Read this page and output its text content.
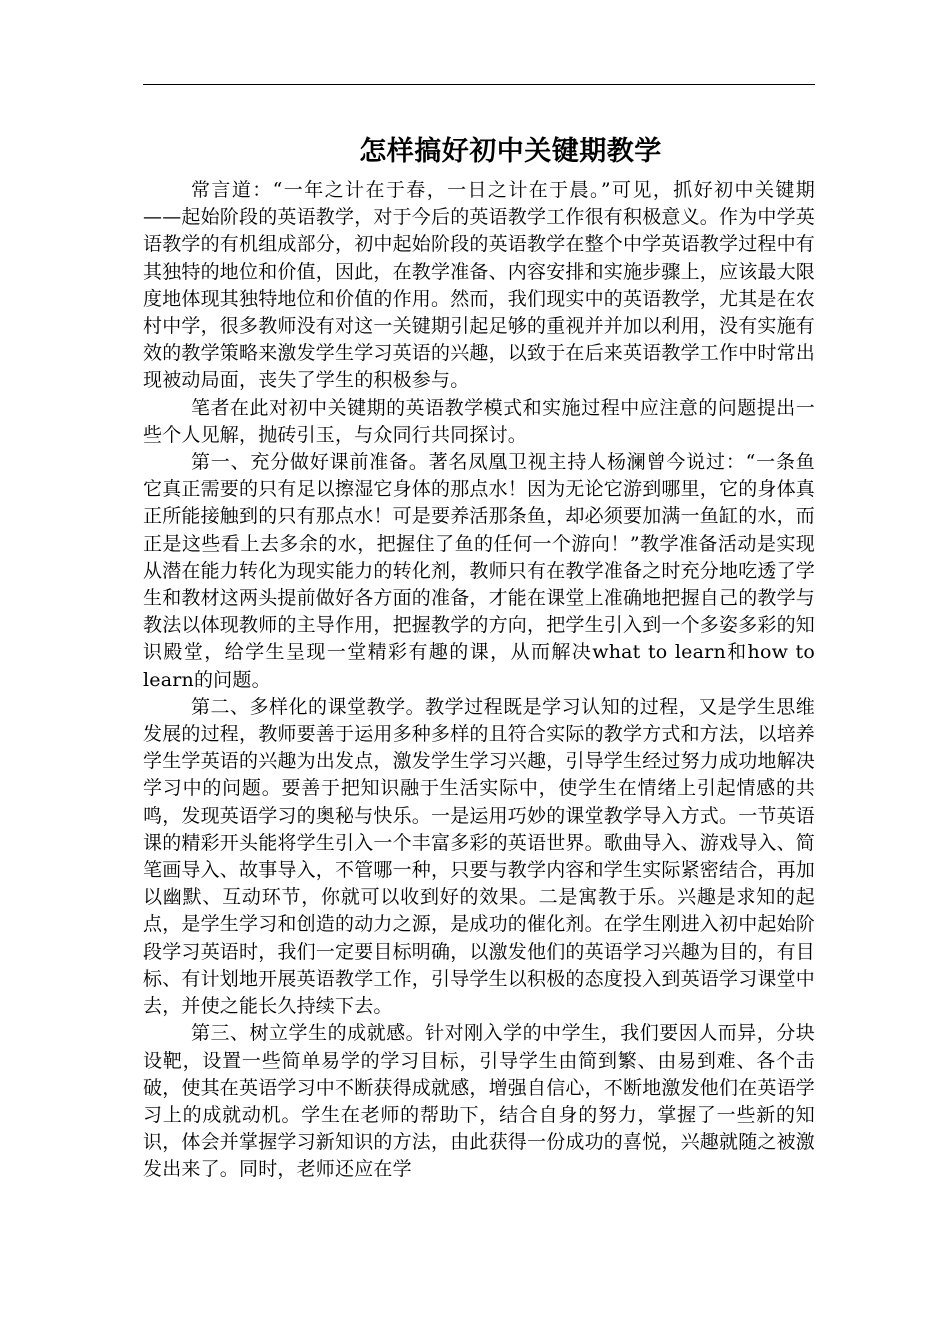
怎样搞好初中关键期教学

常言道：“一年之计在于春，一日之计在于晨。”可见，抓好初中关键期——起始阶段的英语教学，对于今后的英语教学工作很有积极意义。作为中学英语教学的有机组成部分，初中起始阶段的英语教学在整个中学英语教学过程中有其独特的地位和价值，因此，在教学准备、内容安排和实施步骤上，应该最大限度地体现其独特地位和价值的作用。然而，我们现实中的英语教学，尤其是在农村中学，很多教师没有对这一关键期引起足够的重视并并加以利用，没有实施有效的教学策略来激发学生学习英语的兴趣，以致于在后来英语教学工作中时常出现被动局面，丧失了学生的积极参与。

笔者在此对初中关键期的英语教学模式和实施过程中应注意的问题提出一些个人见解，抛砖引玉，与众同行共同探讨。

第一、充分做好课前准备。著名凤凰卫视主持人杨澜曾今说过：“一条鱼它真正需要的只有足以擦湿它身体的那点水！因为无论它游到哪里，它的身体真正所能接触到的只有那点水！可是要养活那条鱼，却必须要加满一鱼缸的水，而正是这些看上去多余的水，把握住了鱼的任何一个游向！”教学准备活动是实现从潜在能力转化为现实能力的转化剂，教师只有在教学准备之时充分地吃透了学生和教材这两头提前做好各方面的准备，才能在课堂上准确地把握自己的教学与教法以体现教师的主导作用，把握教学的方向，把学生引入到一个多姿多彩的知识殿堂，给学生呈现一堂精彩有趣的课，从而解决what to learn和how to learn的问题。

第二、多样化的课堂教学。教学过程既是学习认知的过程，又是学生思维发展的过程，教师要善于运用多种多样的且符合实际的教学方式和方法，以培养学生学英语的兴趣为出发点，激发学生学习兴趣，引导学生经过努力成功地解决学习中的问题。要善于把知识融于生活实际中，使学生在情绪上引起情感的共鸣，发现英语学习的奥秘与快乐。一是运用巧妙的课堂教学导入方式。一节英语课的精彩开头能将学生引入一个丰富多彩的英语世界。歌曲导入、游戏导入、简笔画导入、故事导入，不管哪一种，只要与教学内容和学生实际紧密结合，再加以幽默、互动环节，你就可以收到好的效果。二是寓教于乐。兴趣是求知的起点，是学生学习和创造的动力之源，是成功的催化剂。在学生刚进入初中起始阶段学习英语时，我们一定要目标明确，以激发他们的英语学习兴趣为目的，有目标、有计划地开展英语教学工作，引导学生以积极的态度投入到英语学习课堂中去，并使之能长久持续下去。

第三、树立学生的成就感。针对刚入学的中学生，我们要因人而异，分块设靶，设置一些简单易学的学习目标，引导学生由简到繁、由易到难、各个击破，使其在英语学习中不断获得成就感，增强自信心，不断地激发他们在英语学习上的成就动机。学生在老师的帮助下，结合自身的努力，掌握了一些新的知识，体会并掌握学习新知识的方法，由此获得一份成功的喜悦，兴趣就随之被激发出来了。同时，老师还应在学
